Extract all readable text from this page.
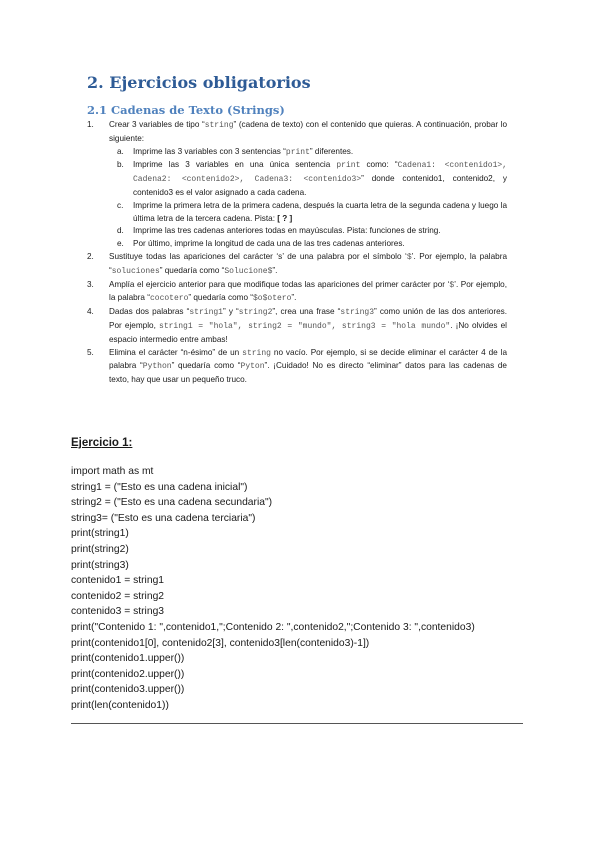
2. Ejercicios obligatorios
2.1 Cadenas de Texto (Strings)
1. Crear 3 variables de tipo “string” (cadena de texto) con el contenido que quieras. A continuación, probar lo siguiente:
a. Imprime las 3 variables con 3 sentencias “print” diferentes.
b. Imprime las 3 variables en una única sentencia print como: “Cadena1: <contenido1>, Cadena2: <contenido2>, Cadena3: <contenido3>” donde contenido1, contenido2, y contenido3 es el valor asignado a cada cadena.
c. Imprime la primera letra de la primera cadena, después la cuarta letra de la segunda cadena y luego la última letra de la tercera cadena. Pista: [ ? ]
d. Imprime las tres cadenas anteriores todas en mayúsculas. Pista: funciones de string.
e. Por último, imprime la longitud de cada una de las tres cadenas anteriores.
2. Sustituye todas las apariciones del carácter ‘s’ de una palabra por el símbolo ‘$’. Por ejemplo, la palabra “soluciones” quedaría como “Solucione$”.
3. Amplía el ejercicio anterior para que modifique todas las apariciones del primer carácter por ‘$’. Por ejemplo, la palabra “cocotero” quedaría como “$o$otero”.
4. Dadas dos palabras “string1” y “string2”, crea una frase “string3” como unión de las dos anteriores. Por ejemplo, string1 = "hola", string2 = "mundo", string3 = "hola mundo". ¡No olvides el espacio intermedio entre ambas!
5. Elimina el carácter “n-ésimo” de un string no vacío. Por ejemplo, si se decide eliminar el carácter 4 de la palabra “Python” quedaría como “Pyton”. ¡Cuidado! No es directo “eliminar” datos para las cadenas de texto, hay que usar un pequeño truco.
Ejercicio 1:
import math as mt
string1 = ("Esto es una cadena inicial")
string2 = ("Esto es una cadena secundaria")
string3= ("Esto es una cadena terciaria")
print(string1)
print(string2)
print(string3)
contenido1 = string1
contenido2 = string2
contenido3 = string3
print("Contenido 1: ",contenido1,";Contenido 2: ",contenido2,";Contenido 3: ",contenido3)
print(contenido1[0], contenido2[3], contenido3[len(contenido3)-1])
print(contenido1.upper())
print(contenido2.upper())
print(contenido3.upper())
print(len(contenido1))
